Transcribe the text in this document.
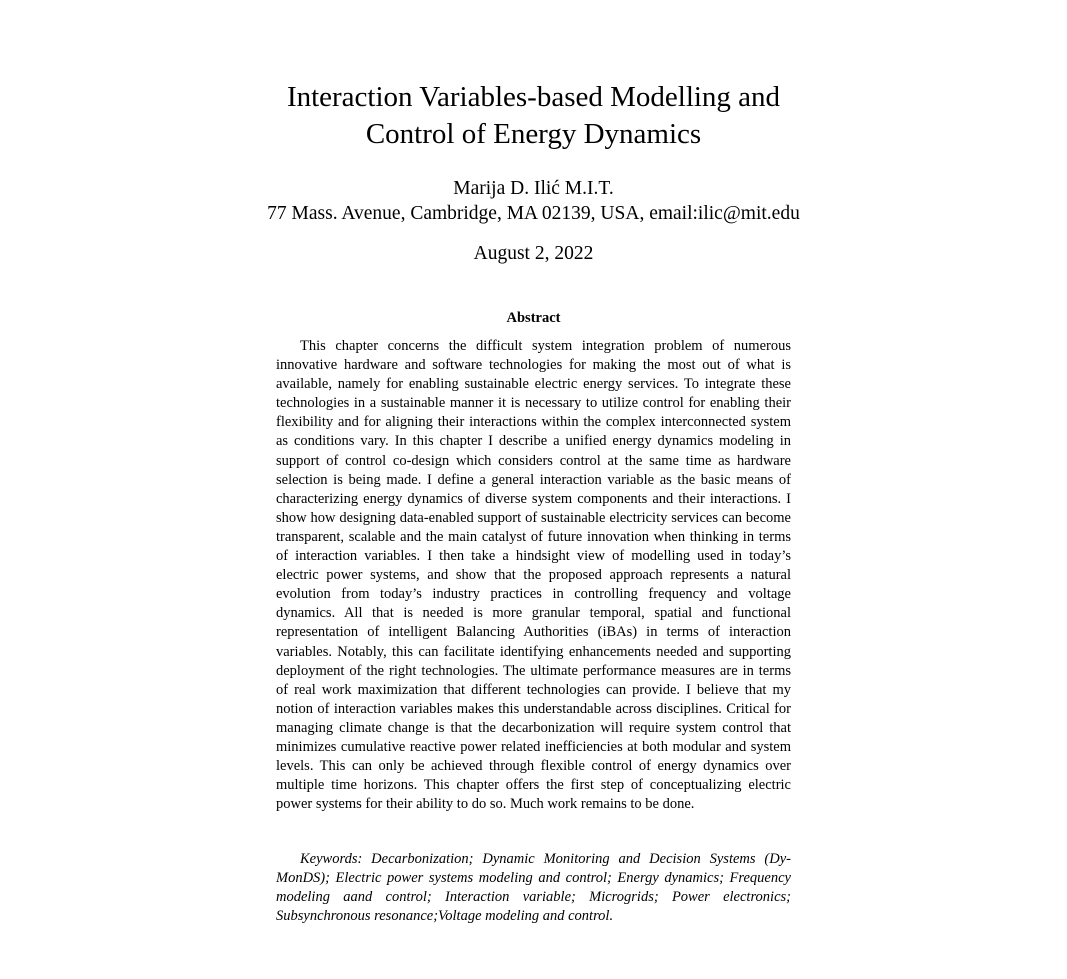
Interaction Variables-based Modelling and
Control of Energy Dynamics
Marija D. Ilić M.I.T.
77 Mass. Avenue, Cambridge, MA 02139, USA, email:ilic@mit.edu
August 2, 2022
Abstract

This chapter concerns the difficult system integration problem of numerous innovative hardware and software technologies for making the most out of what is available, namely for enabling sustainable electric energy services. To integrate these technologies in a sustainable manner it is necessary to utilize control for enabling their flexibility and for aligning their interactions within the complex interconnected system as conditions vary. In this chapter I describe a unified energy dynamics modeling in support of control co-design which considers control at the same time as hardware selection is being made. I define a general interaction variable as the basic means of characterizing energy dynamics of diverse system components and their interactions. I show how designing data-enabled support of sustainable electricity services can become transparent, scalable and the main catalyst of future innovation when thinking in terms of interaction variables. I then take a hindsight view of modelling used in today’s electric power systems, and show that the proposed approach represents a natural evolution from today’s industry practices in controlling frequency and voltage dynamics. All that is needed is more granular temporal, spatial and functional representation of intelligent Balancing Authorities (iBAs) in terms of interaction variables. Notably, this can facilitate identifying enhancements needed and supporting deployment of the right technologies. The ultimate performance measures are in terms of real work maximization that different technologies can provide. I believe that my notion of interaction variables makes this understandable across disciplines. Critical for managing climate change is that the decarbonization will require system control that minimizes cumulative reactive power related inefficiencies at both modular and system levels. This can only be achieved through flexible control of energy dynamics over multiple time horizons. This chapter offers the first step of conceptualizing electric power systems for their ability to do so. Much work remains to be done.

Keywords: Decarbonization; Dynamic Monitoring and Decision Systems (DyMonDS); Electric power systems modeling and control; Energy dynamics; Frequency modeling aand control; Interaction variable; Microgrids; Power electronics; Subsynchronous resonance;Voltage modeling and control.
